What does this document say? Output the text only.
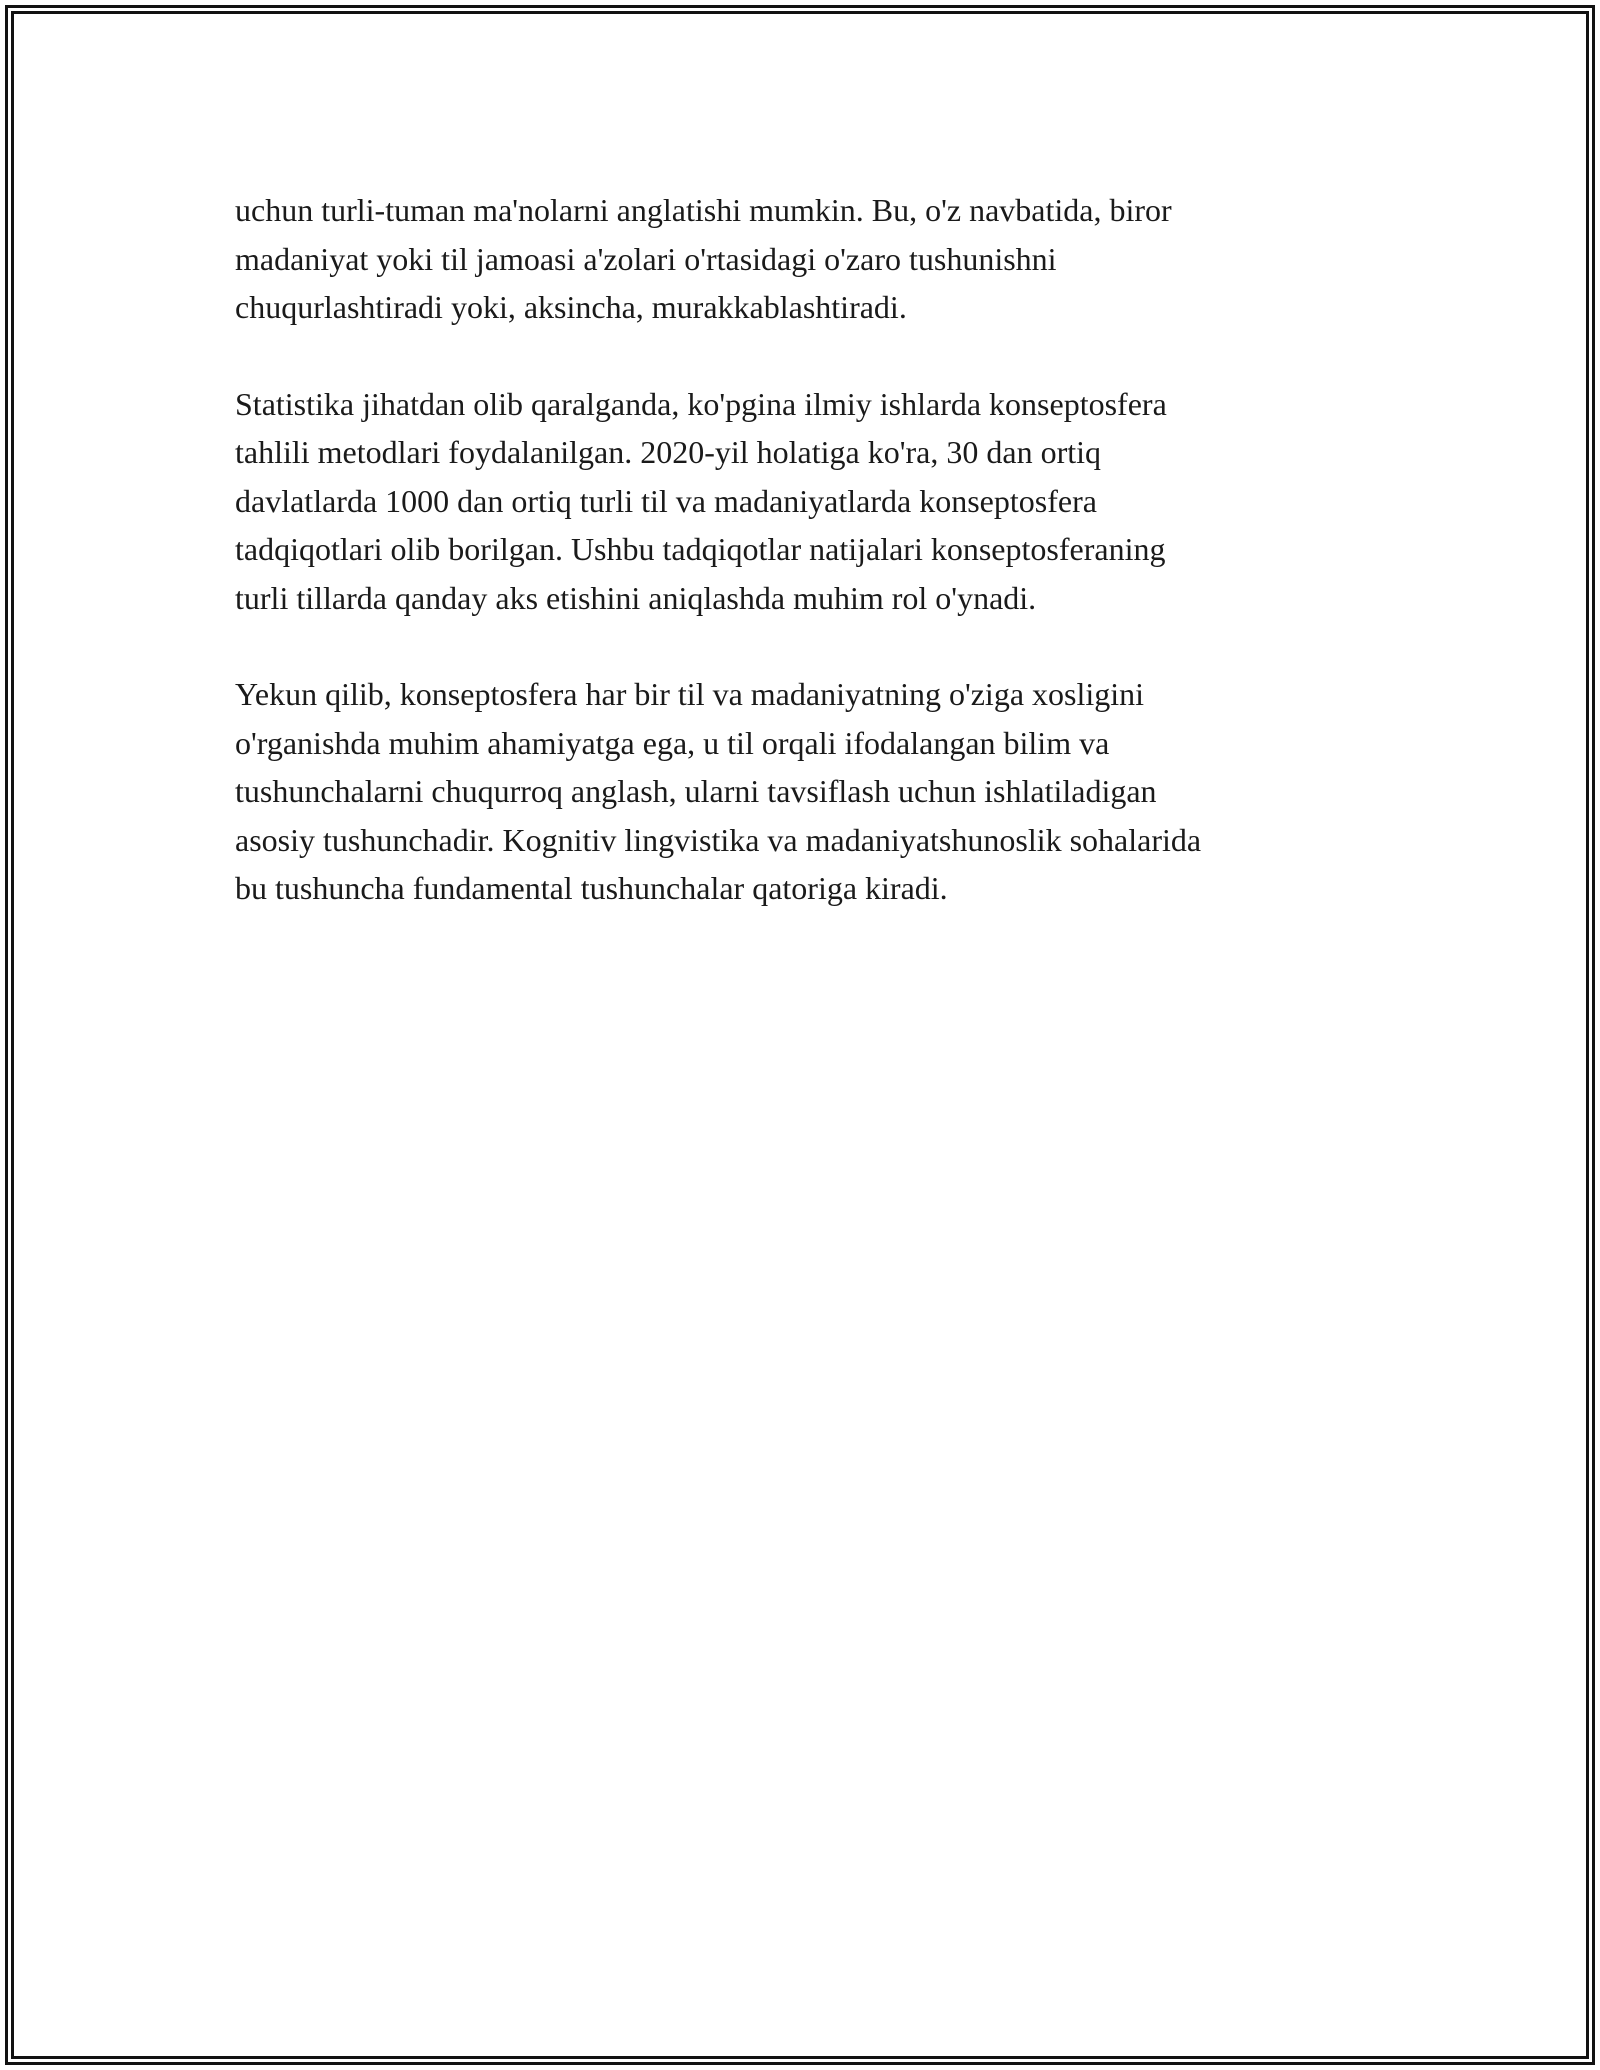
uchun turli-tuman ma'nolarni anglatishi mumkin. Bu, o'z navbatida, biror
madaniyat yoki til jamoasi a'zolari o'rtasidagi o'zaro tushunishni
chuqurlashtiradi yoki, aksincha, murakkablashtiradi.

Statistika jihatdan olib qaralganda, ko'pgina ilmiy ishlarda konseptosfera
tahlili metodlari foydalanilgan. 2020-yil holatiga ko'ra, 30 dan ortiq
davlatlarda 1000 dan ortiq turli til va madaniyatlarda konseptosfera
tadqiqotlari olib borilgan. Ushbu tadqiqotlar natijalari konseptosferaning
turli tillarda qanday aks etishini aniqlashda muhim rol o'ynadi.

Yekun qilib, konseptosfera har bir til va madaniyatning o'ziga xosligini
o'rganishda muhim ahamiyatga ega, u til orqali ifodalangan bilim va
tushunchalarni chuqurroq anglash, ularni tavsiflash uchun ishlatiladigan
asosiy tushunchadir. Kognitiv lingvistika va madaniyatshunoslik sohalarida
bu tushuncha fundamental tushunchalar qatoriga kiradi.
